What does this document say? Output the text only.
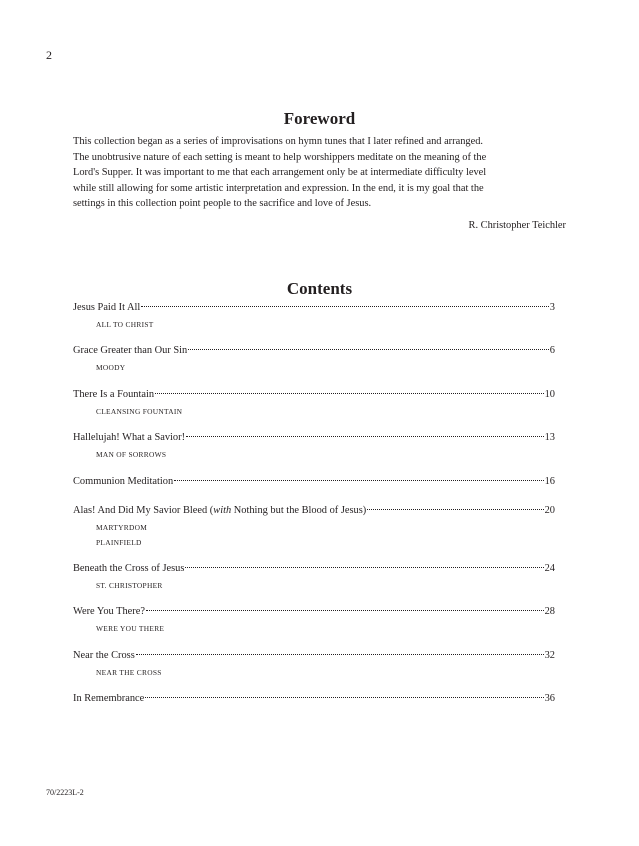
2
Foreword
This collection began as a series of improvisations on hymn tunes that I later refined and arranged.
The unobtrusive nature of each setting is meant to help worshippers meditate on the meaning of the
Lord's Supper. It was important to me that each arrangement only be at intermediate difficulty level
while still allowing for some artistic interpretation and expression. In the end, it is my goal that the
settings in this collection point people to the sacrifice and love of Jesus.
R. Christopher Teichler
Contents
Jesus Paid It All	3
ALL TO CHRIST
Grace Greater than Our Sin	6
MOODY
There Is a Fountain	10
CLEANSING FOUNTAIN
Hallelujah! What a Savior!	13
MAN OF SORROWS
Communion Meditation	16
Alas! And Did My Savior Bleed (with Nothing but the Blood of Jesus)	20
MARTYRDOM
PLAINFIELD
Beneath the Cross of Jesus	24
ST. CHRISTOPHER
Were You There?	28
WERE YOU THERE
Near the Cross	32
NEAR THE CROSS
In Remembrance	36
70/2223L-2
